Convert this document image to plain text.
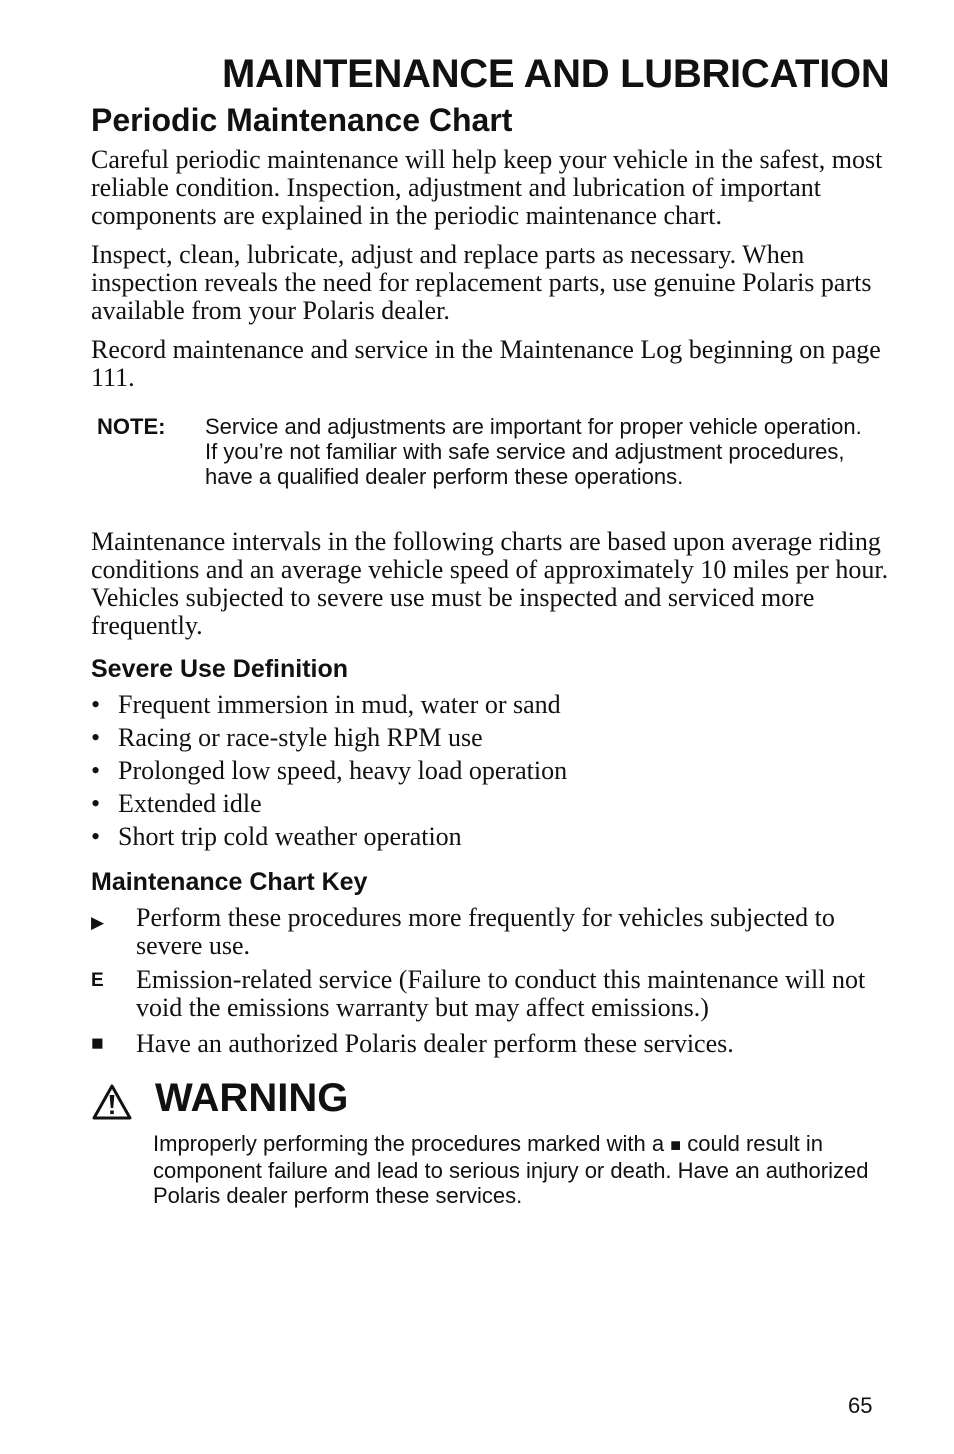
MAINTENANCE AND LUBRICATION
Periodic Maintenance Chart

Careful periodic maintenance will help keep your vehicle in the safest, most reliable condition. Inspection, adjustment and lubrication of important components are explained in the periodic maintenance chart.

Inspect, clean, lubricate, adjust and replace parts as necessary. When inspection reveals the need for replacement parts, use genuine Polaris parts available from your Polaris dealer.

Record maintenance and service in the Maintenance Log beginning on page 111.

NOTE: Service and adjustments are important for proper vehicle operation. If you’re not familiar with safe service and adjustment procedures, have a qualified dealer perform these operations.

Maintenance intervals in the following charts are based upon average riding conditions and an average vehicle speed of approximately 10 miles per hour. Vehicles subjected to severe use must be inspected and serviced more frequently.

Severe Use Definition
• Frequent immersion in mud, water or sand
• Racing or race-style high RPM use
• Prolonged low speed, heavy load operation
• Extended idle
• Short trip cold weather operation
Maintenance Chart Key
▶ Perform these procedures more frequently for vehicles subjected to severe use.
E Emission-related service (Failure to conduct this maintenance will not void the emissions warranty but may affect emissions.)
■ Have an authorized Polaris dealer perform these services.
WARNING

Improperly performing the procedures marked with a ■ could result in component failure and lead to serious injury or death. Have an authorized Polaris dealer perform these services.

65
